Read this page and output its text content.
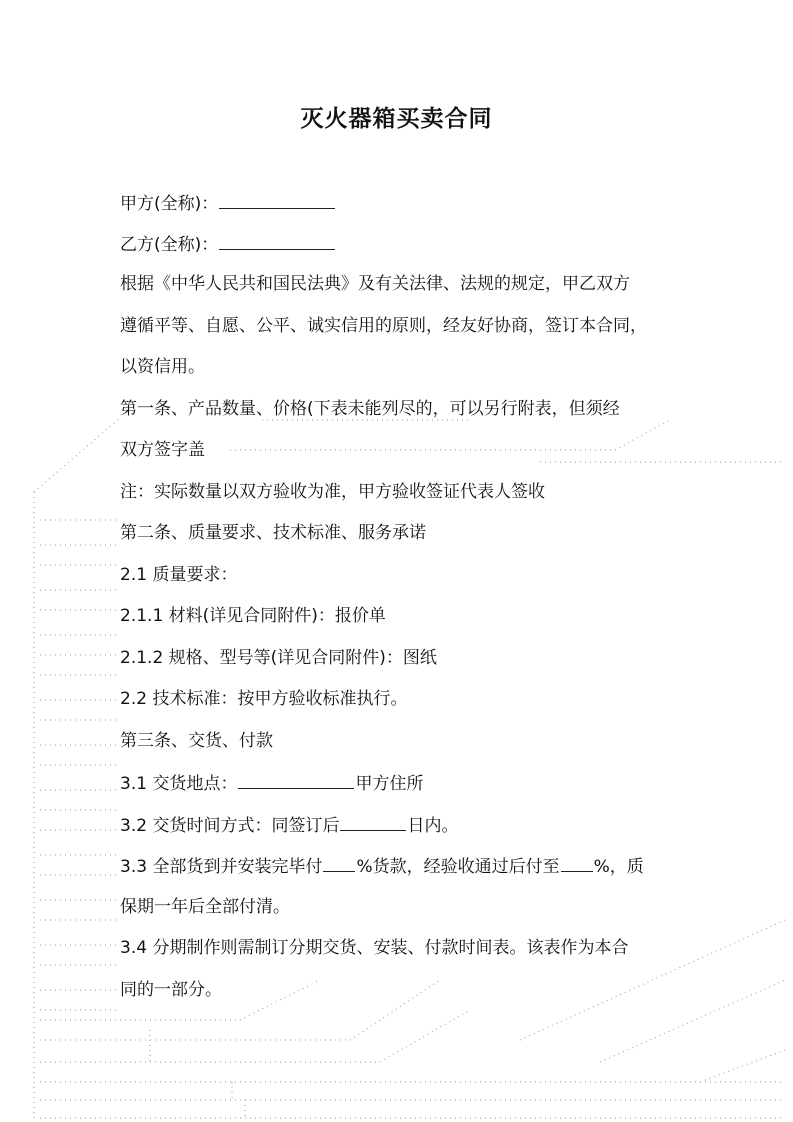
灭火器箱买卖合同
甲方(全称)：
乙方(全称)：
根据《中华人民共和国民法典》及有关法律、法规的规定，甲乙双方
遵循平等、自愿、公平、诚实信用的原则，经友好协商，签订本合同，
以资信用。
第一条、产品数量、价格(下表未能列尽的，可以另行附表，但须经
双方签字盖
注：实际数量以双方验收为准，甲方验收签证代表人签收
第二条、质量要求、技术标准、服务承诺
2.1 质量要求：
2.1.1 材料(详见合同附件)：报价单
2.1.2 规格、型号等(详见合同附件)：图纸
2.2 技术标准：按甲方验收标准执行。
第三条、交货、付款
3.1 交货地点：	甲方住所
3.2 交货时间方式：同签订后	日内。
3.3 全部货到并安装完毕付 %货款，经验收通过后付至 %，质
保期一年后全部付清。
3.4 分期制作则需制订分期交货、安装、付款时间表。该表作为本合
同的一部分。
